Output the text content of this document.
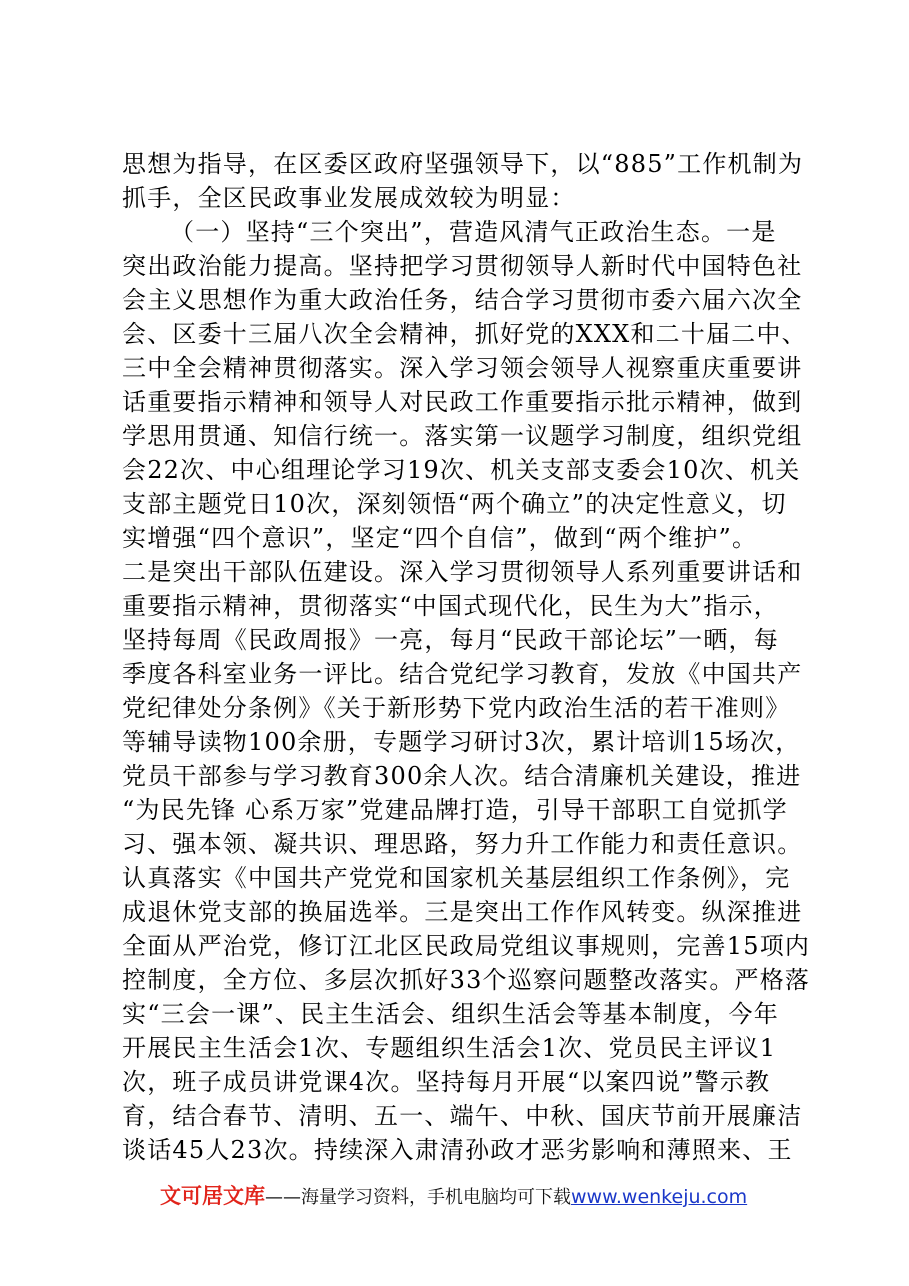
思想为指导，在区委区政府坚强领导下，以“885”工作机制为
抓手，全区民政事业发展成效较为明显：
（一）坚持“三个突出”，营造风清气正政治生态。一是
突出政治能力提高。坚持把学习贯彻领导人新时代中国特色社
会主义思想作为重大政治任务，结合学习贯彻市委六届六次全
会、区委十三届八次全会精神，抓好党的XXX和二十届二中、
三中全会精神贯彻落实。深入学习领会领导人视察重庆重要讲
话重要指示精神和领导人对民政工作重要指示批示精神，做到
学思用贯通、知信行统一。落实第一议题学习制度，组织党组
会22次、中心组理论学习19次、机关支部支委会10次、机关
支部主题党日10次，深刻领悟“两个确立”的决定性意义，切
实增强“四个意识”，坚定“四个自信”，做到“两个维护”。
二是突出干部队伍建设。深入学习贯彻领导人系列重要讲话和
重要指示精神，贯彻落实“中国式现代化，民生为大”指示，
坚持每周《民政周报》一亮，每月“民政干部论坛”一晒，每
季度各科室业务一评比。结合党纪学习教育，发放《中国共产
党纪律处分条例》《关于新形势下党内政治生活的若干准则》
等辅导读物100余册，专题学习研讨3次，累计培训15场次，
党员干部参与学习教育300余人次。结合清廉机关建设，推进
“为民先锋 心系万家”党建品牌打造，引导干部职工自觉抓学
习、强本领、凝共识、理思路，努力升工作能力和责任意识。
认真落实《中国共产党党和国家机关基层组织工作条例》，完
成退休党支部的换届选举。三是突出工作作风转变。纵深推进
全面从严治党，修订江北区民政局党组议事规则，完善15项内
控制度，全方位、多层次抓好33个巡察问题整改落实。严格落
实“三会一课”、民主生活会、组织生活会等基本制度，今年
开展民主生活会1次、专题组织生活会1次、党员民主评议1
次，班子成员讲党课4次。坚持每月开展“以案四说”警示教
育，结合春节、清明、五一、端午、中秋、国庆节前开展廉洁
谈话45人23次。持续深入肃清孙政才恶劣影响和薄照来、王
文可居文库——海量学习资料，手机电脑均可下载www.wenkeju.com
